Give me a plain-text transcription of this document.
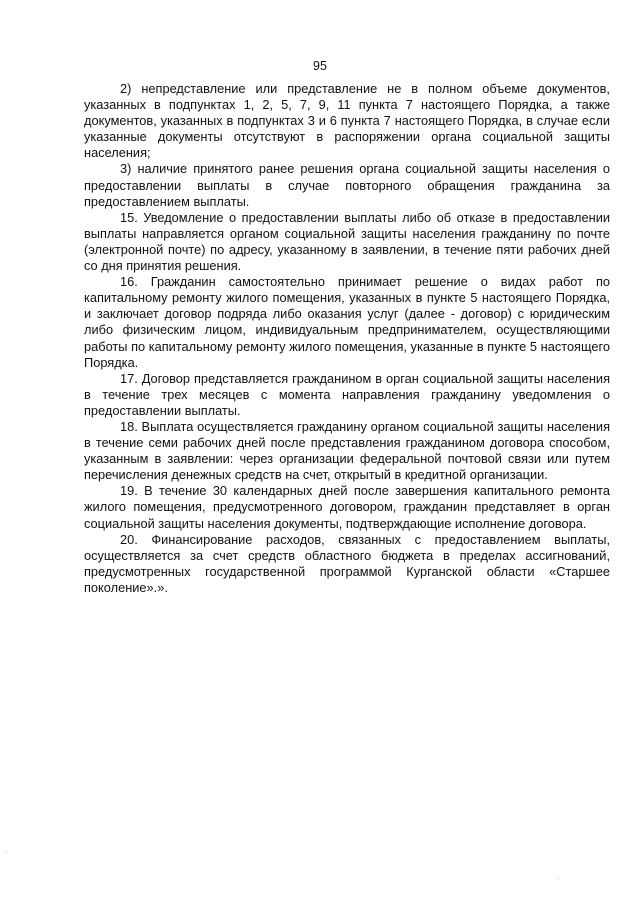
95

2) непредставление или представление не в полном объеме документов, указанных в подпунктах 1, 2, 5, 7, 9, 11 пункта 7 настоящего Порядка, а также документов, указанных в подпунктах 3 и 6 пункта 7 настоящего Порядка, в случае если указанные документы отсутствуют в распоряжении органа социальной защиты населения;

3) наличие принятого ранее решения органа социальной защиты населения о предоставлении выплаты в случае повторного обращения гражданина за предоставлением выплаты.

15. Уведомление о предоставлении выплаты либо об отказе в предоставлении выплаты направляется органом социальной защиты населения гражданину по почте (электронной почте) по адресу, указанному в заявлении, в течение пяти рабочих дней со дня принятия решения.

16. Гражданин самостоятельно принимает решение о видах работ по капитальному ремонту жилого помещения, указанных в пункте 5 настоящего Порядка, и заключает договор подряда либо оказания услуг (далее - договор) с юридическим либо физическим лицом, индивидуальным предпринимателем, осуществляющими работы по капитальному ремонту жилого помещения, указанные в пункте 5 настоящего Порядка.

17. Договор представляется гражданином в орган социальной защиты населения в течение трех месяцев с момента направления гражданину уведомления о предоставлении выплаты.

18. Выплата осуществляется гражданину органом социальной защиты населения в течение семи рабочих дней после представления гражданином договора способом, указанным в заявлении: через организации федеральной почтовой связи или путем перечисления денежных средств на счет, открытый в кредитной организации.

19. В течение 30 календарных дней после завершения капитального ремонта жилого помещения, предусмотренного договором, гражданин представляет в орган социальной защиты населения документы, подтверждающие исполнение договора.

20. Финансирование расходов, связанных с предоставлением выплаты, осуществляется за счет средств областного бюджета в пределах ассигнований, предусмотренных государственной программой Курганской области «Старшее поколение».».
